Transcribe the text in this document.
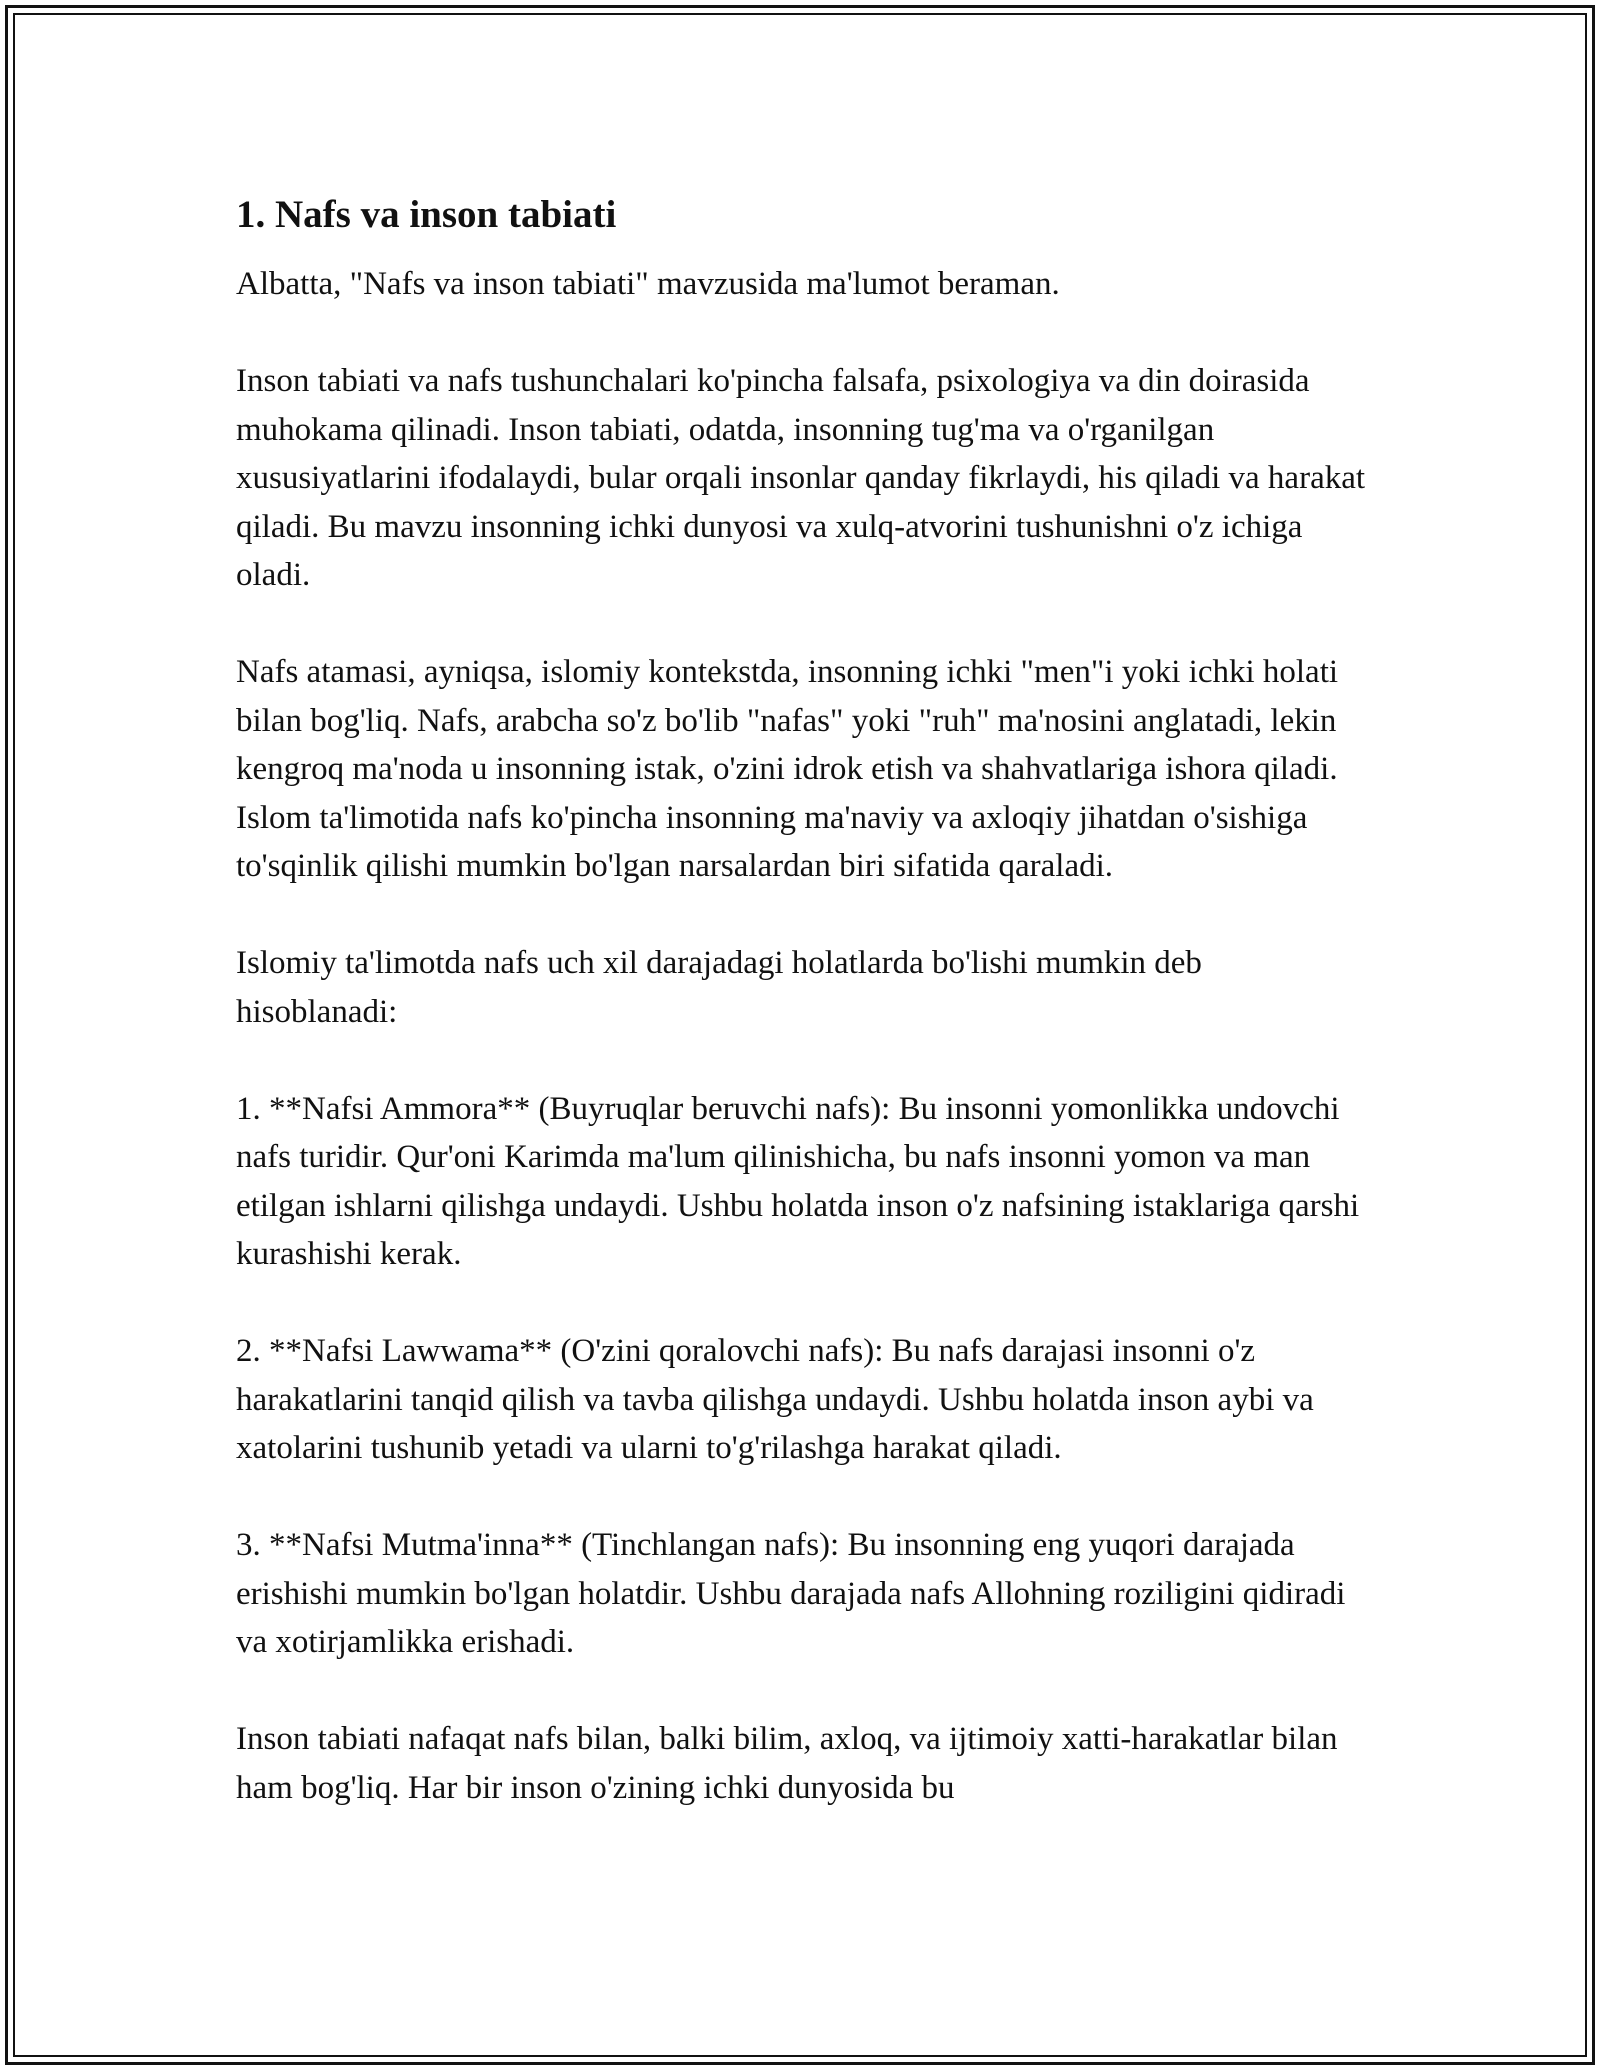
1. Nafs va inson tabiati

Albatta, "Nafs va inson tabiati" mavzusida ma'lumot beraman.

Inson tabiati va nafs tushunchalari ko'pincha falsafa, psixologiya va din doirasida muhokama qilinadi. Inson tabiati, odatda, insonning tug'ma va o'rganilgan xususiyatlarini ifodalaydi, bular orqali insonlar qanday fikrlaydi, his qiladi va harakat qiladi. Bu mavzu insonning ichki dunyosi va xulq-atvorini tushunishni o'z ichiga oladi.

Nafs atamasi, ayniqsa, islomiy kontekstda, insonning ichki "men"i yoki ichki holati bilan bog'liq. Nafs, arabcha so'z bo'lib "nafas" yoki "ruh" ma'nosini anglatadi, lekin kengroq ma'noda u insonning istak, o'zini idrok etish va shahvatlariga ishora qiladi. Islom ta'limotida nafs ko'pincha insonning ma'naviy va axloqiy jihatdan o'sishiga to'sqinlik qilishi mumkin bo'lgan narsalardan biri sifatida qaraladi.

Islomiy ta'limotda nafs uch xil darajadagi holatlarda bo'lishi mumkin deb hisoblanadi:

1. **Nafsi Ammora** (Buyruqlar beruvchi nafs): Bu insonni yomonlikka undovchi nafs turidir. Qur'oni Karimda ma'lum qilinishicha, bu nafs insonni yomon va man etilgan ishlarni qilishga undaydi. Ushbu holatda inson o'z nafsining istaklariga qarshi kurashishi kerak.

2. **Nafsi Lawwama** (O'zini qoralovchi nafs): Bu nafs darajasi insonni o'z harakatlarini tanqid qilish va tavba qilishga undaydi. Ushbu holatda inson aybi va xatolarini tushunib yetadi va ularni to'g'rilashga harakat qiladi.

3. **Nafsi Mutma'inna** (Tinchlangan nafs): Bu insonning eng yuqori darajada erishishi mumkin bo'lgan holatdir. Ushbu darajada nafs Allohning roziligini qidiradi va xotirjamlikka erishadi.

Inson tabiati nafaqat nafs bilan, balki bilim, axloq, va ijtimoiy xatti-harakatlar bilan ham bog'liq. Har bir inson o'zining ichki dunyosida bu
